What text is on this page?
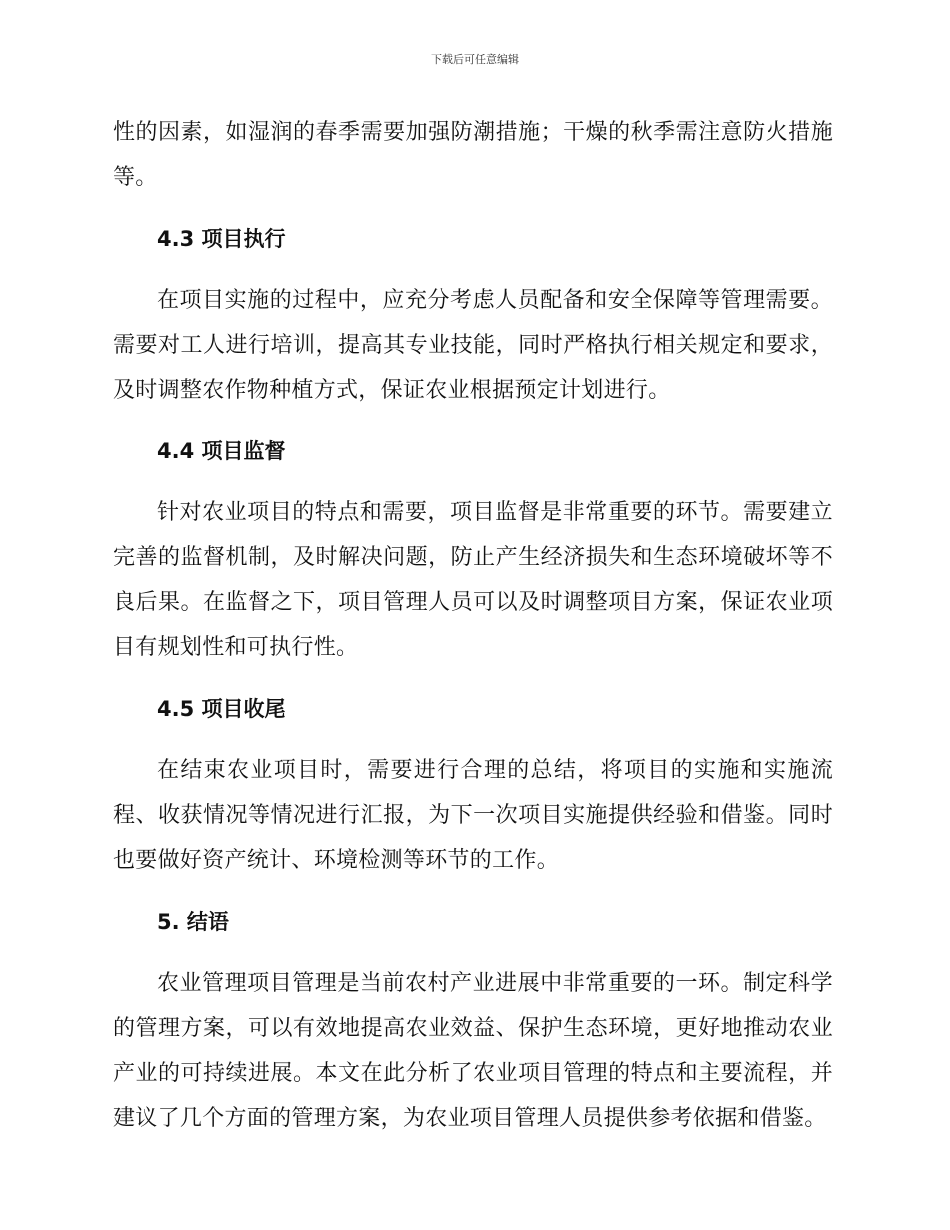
下载后可任意编辑

性的因素，如湿润的春季需要加强防潮措施；干燥的秋季需注意防火措施等。

4.3 项目执行

在项目实施的过程中，应充分考虑人员配备和安全保障等管理需要。需要对工人进行培训，提高其专业技能，同时严格执行相关规定和要求，及时调整农作物种植方式，保证农业根据预定计划进行。

4.4 项目监督

针对农业项目的特点和需要，项目监督是非常重要的环节。需要建立完善的监督机制，及时解决问题，防止产生经济损失和生态环境破坏等不良后果。在监督之下，项目管理人员可以及时调整项目方案，保证农业项目有规划性和可执行性。

4.5 项目收尾

在结束农业项目时，需要进行合理的总结，将项目的实施和实施流程、收获情况等情况进行汇报，为下一次项目实施提供经验和借鉴。同时也要做好资产统计、环境检测等环节的工作。

5. 结语

农业管理项目管理是当前农村产业进展中非常重要的一环。制定科学的管理方案，可以有效地提高农业效益、保护生态环境，更好地推动农业产业的可持续进展。本文在此分析了农业项目管理的特点和主要流程，并建议了几个方面的管理方案，为农业项目管理人员提供参考依据和借鉴。
